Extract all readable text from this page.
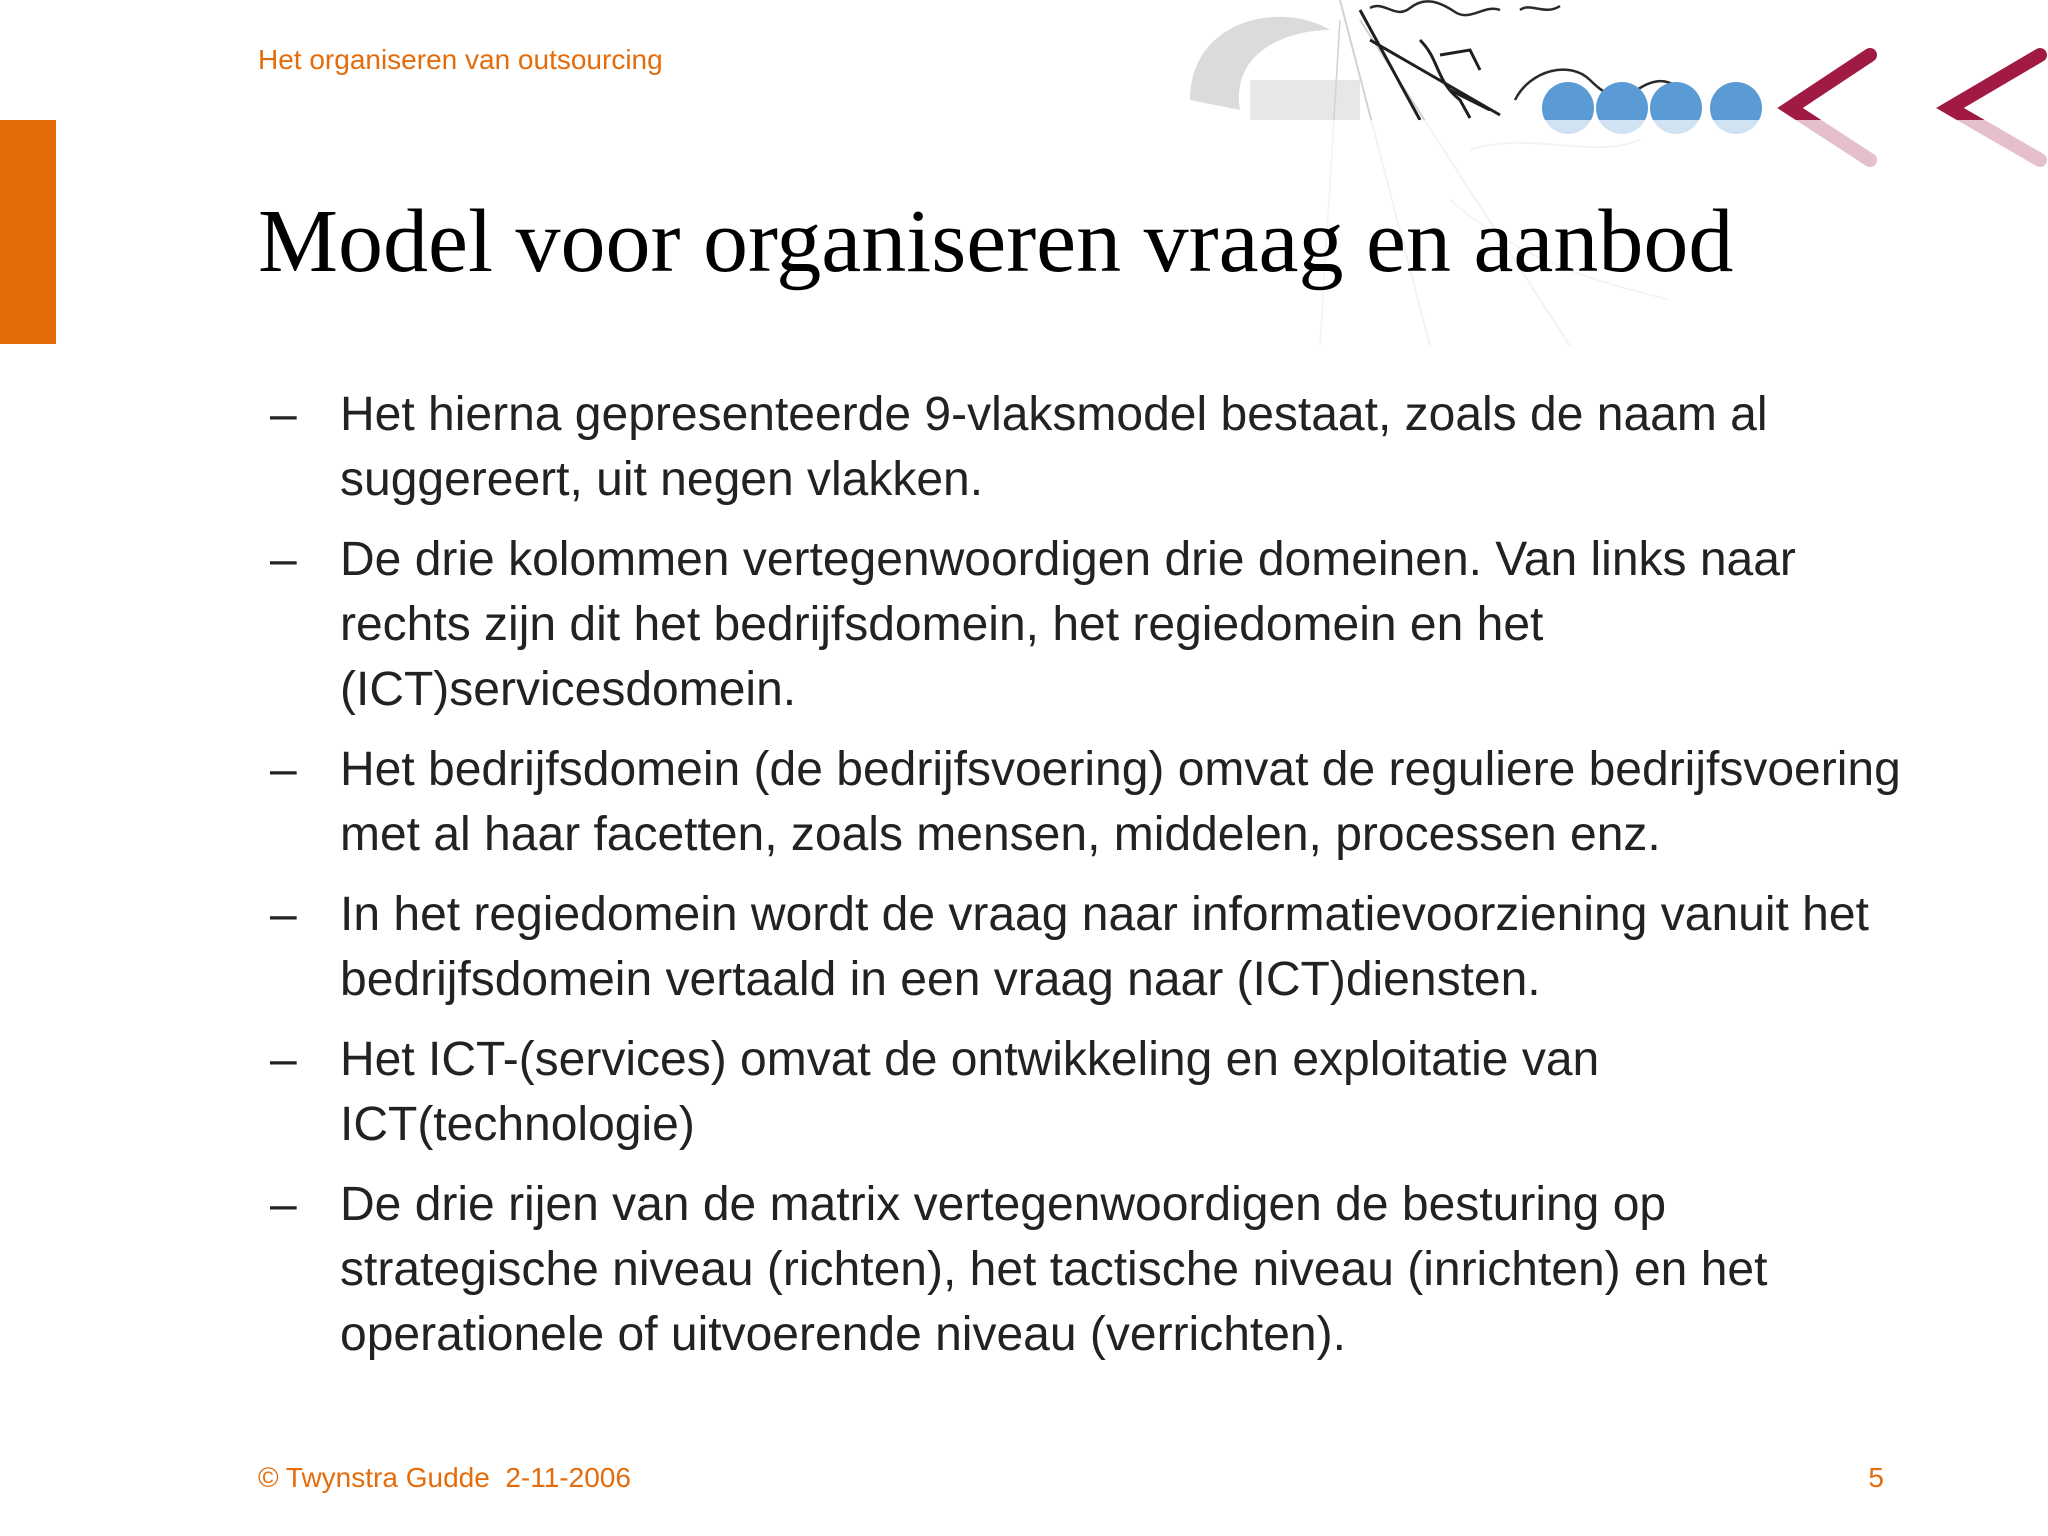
Het organiseren van outsourcing
Model voor organiseren vraag en aanbod
– Het hierna gepresenteerde 9-vlaksmodel bestaat, zoals de naam al suggereert, uit negen vlakken.
– De drie kolommen vertegenwoordigen drie domeinen. Van links naar rechts zijn dit het bedrijfsdomein, het regiedomein en het (ICT)servicesdomein.
– Het bedrijfsdomein (de bedrijfsvoering) omvat de reguliere bedrijfsvoering met al haar facetten, zoals mensen, middelen, processen enz.
– In het regiedomein wordt de vraag naar informatievoorziening vanuit het bedrijfsdomein vertaald in een vraag naar (ICT)diensten.
– Het ICT-(services) omvat de ontwikkeling en exploitatie van ICT(technologie)
– De drie rijen van de matrix vertegenwoordigen de besturing op strategische niveau (richten), het tactische niveau (inrichten) en het operationele of uitvoerende niveau (verrichten).
© Twynstra Gudde  2-11-2006	5
